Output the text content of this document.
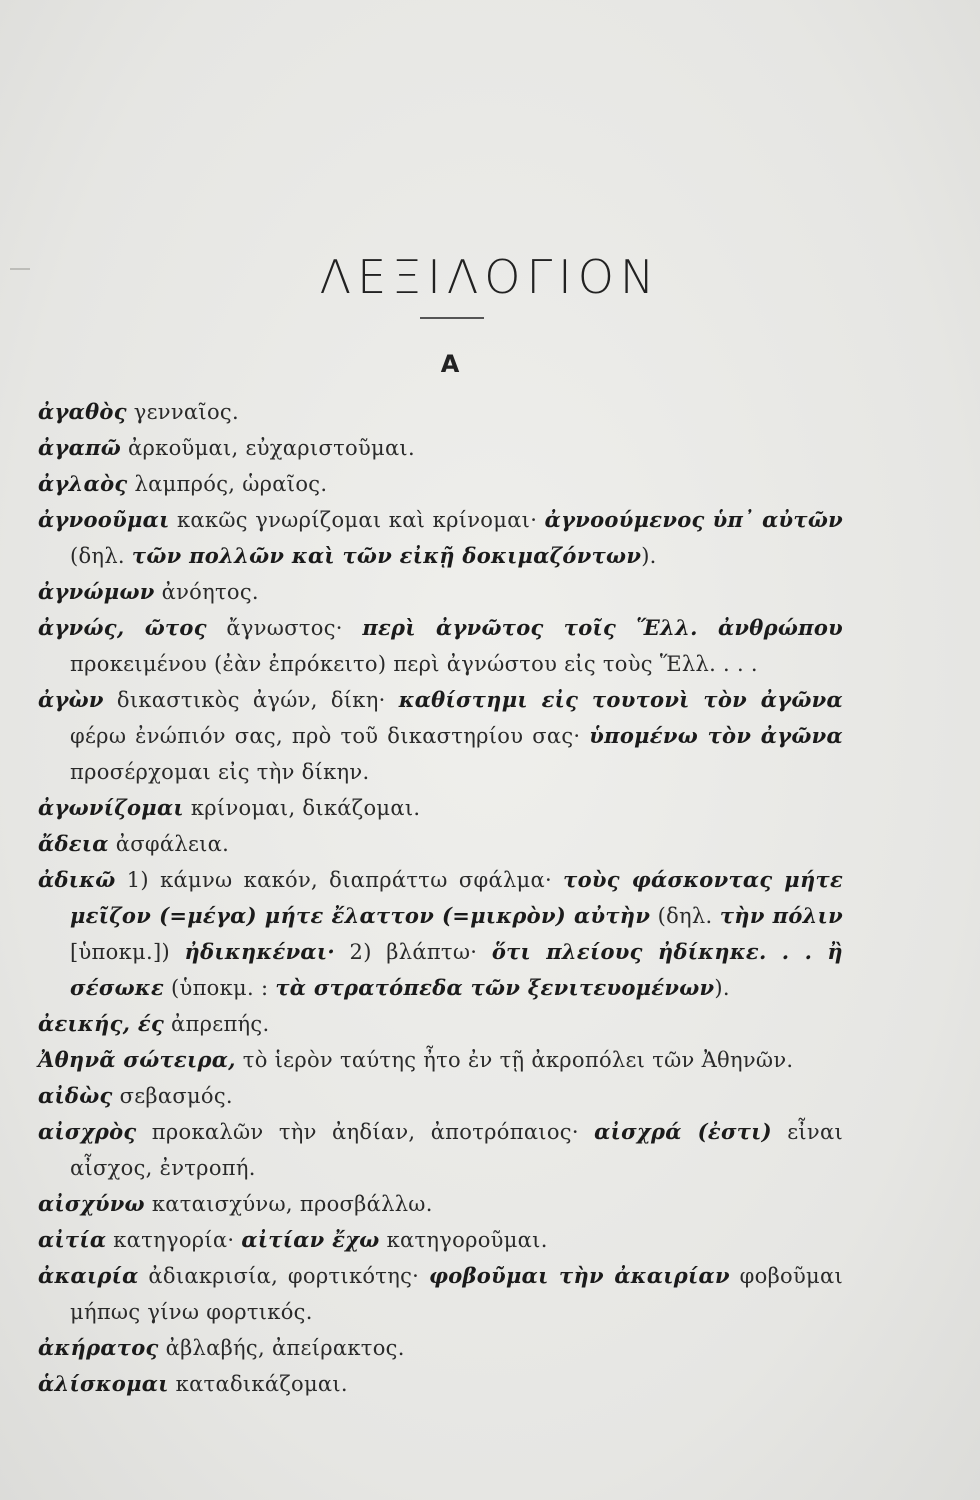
ΛΕΞΙΛΟΓΙΟΝ
Α
ἀγαθὸς γενναῖος.
ἀγαπῶ ἀρκοῦμαι, εὐχαριστοῦμαι.
ἀγλαὸς λαμπρός, ὡραῖος.
ἀγνοοῦμαι κακῶς γνωρίζομαι καὶ κρίνομαι· ἀγνοούμενος ὑπ᾿ αὐτῶν (δηλ. τῶν πολλῶν καὶ τῶν εἰκῇ δοκιμαζόντων).
ἀγνώμων ἀνόητος.
ἀγνώς, ῶτος ἄγνωστος· περὶ ἀγνῶτος τοῖς Ἕλλ. ἀνθρώπου προκειμένου (ἐὰν ἐπρόκειτο) περὶ ἀγνώστου εἰς τοὺς Ἕλλ. . . .
ἀγὼν δικαστικὸς ἀγών, δίκη· καθίστημι εἰς τουτονὶ τὸν ἀγῶνα φέρω ἐνώπιόν σας, πρὸ τοῦ δικαστηρίου σας· ὑπομένω τὸν ἀγῶνα προσέρχομαι εἰς τὴν δίκην.
ἀγωνίζομαι κρίνομαι, δικάζομαι.
ἄδεια ἀσφάλεια.
ἀδικῶ 1) κάμνω κακόν, διαπράττω σφάλμα· τοὺς φάσκοντας μήτε μεῖζον (=μέγα) μήτε ἔλαττον (=μικρὸν) αὐτὴν (δηλ. τὴν πόλιν [ὑποκμ.]) ἠδικηκέναι· 2) βλάπτω· ὅτι πλείους ἠδίκηκε. . . ἢ σέσωκε (ὑποκμ. : τὰ στρατόπεδα τῶν ξενιτευομένων).
ἀεικής, ές ἀπρεπής.
Ἀθηνᾶ σώτειρα, τὸ ἱερὸν ταύτης ἦτο ἐν τῇ ἀκροπόλει τῶν Ἀθηνῶν.
αἰδὼς σεβασμός.
αἰσχρὸς προκαλῶν τὴν ἀηδίαν, ἀποτρόπαιος· αἰσχρά (ἐστι) εἶναι αἶσχος, ἐντροπή.
αἰσχύνω καταισχύνω, προσβάλλω.
αἰτία κατηγορία· αἰτίαν ἔχω κατηγοροῦμαι.
ἀκαιρία ἀδιακρισία, φορτικότης· φοβοῦμαι τὴν ἀκαιρίαν φοβοῦμαι μήπως γίνω φορτικός.
ἀκήρατος ἀβλαβής, ἀπείρακτος.
ἁλίσκομαι καταδικάζομαι.
